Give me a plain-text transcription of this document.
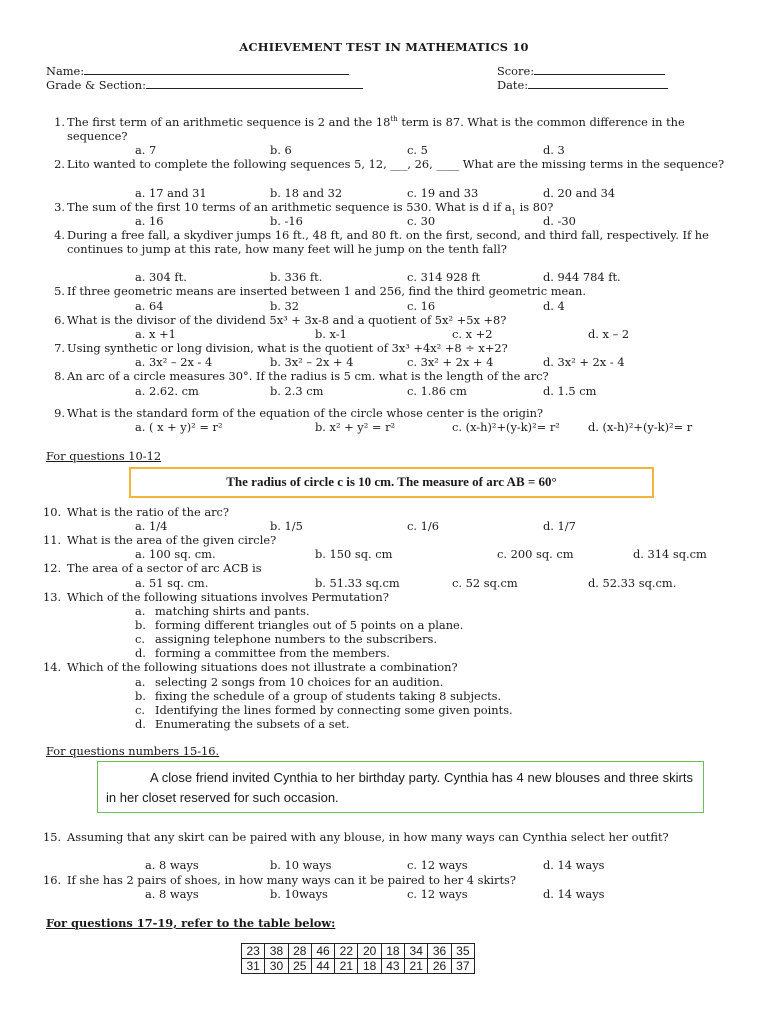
ACHIEVEMENT TEST IN MATHEMATICS 10
Name:	Score:
Grade & Section:	Date:
1. The first term of an arithmetic sequence is 2 and the 18th term is 87. What is the common difference in the sequence?
a. 7	b. 6	c. 5	d. 3
2. Lito wanted to complete the following sequences 5, 12, ___, 26, ____ What are the missing terms in the sequence?
a. 17 and 31	b. 18 and 32	c. 19 and 33	d. 20 and 34
3. The sum of the first 10 terms of an arithmetic sequence is 530. What is d if $a_1$ is 80?
a. 16	b. -16	c. 30	d. -30
4. During a free fall, a skydiver jumps 16 ft., 48 ft, and 80 ft. on the first, second, and third fall, respectively. If he continues to jump at this rate, how many feet will he jump on the tenth fall?
a. 304 ft.	b. 336 ft.	c. 314 928 ft	d. 944 784 ft.
5. If three geometric means are inserted between 1 and 256, find the third geometric mean.
a. 64	b. 32	c. 16	d. 4
6. What is the divisor of the dividend 5x³ + 3x-8 and a quotient of 5x² +5x +8?
a. x +1	b. x-1	c. x +2	d. x – 2
7. Using synthetic or long division, what is the quotient of 3x³ +4x² +8 ÷ x+2?
a. 3x² – 2x - 4	b. 3x² – 2x + 4	c. 3x² + 2x + 4	d. 3x² + 2x - 4
8. An arc of a circle measures 30°. If the radius is 5 cm. what is the length of the arc?
a. 2.62. cm	b. 2.3 cm	c. 1.86 cm	d. 1.5 cm
9. What is the standard form of the equation of the circle whose center is the origin?
a. ( x + y)² = r²	b. x² + y² = r²	c. (x-h)²+(y-k)²= r² d. (x-h)²+(y-k)²= r
For questions 10-12
The radius of circle c is 10 cm. The measure of arc AB = 60°
10. What is the ratio of the arc?
a. 1/4	b. 1/5	c. 1/6	d. 1/7
11. What is the area of the given circle?
a. 100 sq. cm.	b. 150 sq. cm	c. 200 sq. cm	d. 314 sq.cm
12. The area of a sector of arc ACB is
a. 51 sq. cm.	b. 51.33 sq.cm	c. 52 sq.cm	d. 52.33 sq.cm.
13. Which of the following situations involves Permutation?
a. matching shirts and pants.
b. forming different triangles out of 5 points on a plane.
c. assigning telephone numbers to the subscribers.
d. forming a committee from the members.
14. Which of the following situations does not illustrate a combination?
a. selecting 2 songs from 10 choices for an audition.
b. fixing the schedule of a group of students taking 8 subjects.
c. Identifying the lines formed by connecting some given points.
d. Enumerating the subsets of a set.
For questions numbers 15-16.
A close friend invited Cynthia to her birthday party. Cynthia has 4 new blouses and three skirts in her closet reserved for such occasion.
15. Assuming that any skirt can be paired with any blouse, in how many ways can Cynthia select her outfit?
a. 8 ways	b. 10 ways	c. 12 ways	d. 14 ways
16. If she has 2 pairs of shoes, in how many ways can it be paired to her 4 skirts?
a. 8 ways	b. 10ways	c. 12 ways	d. 14 ways
For questions 17-19, refer to the table below:
23	38	28	46	22	20	18	34	36	35
31	30	25	44	21	18	43	21	26	37
